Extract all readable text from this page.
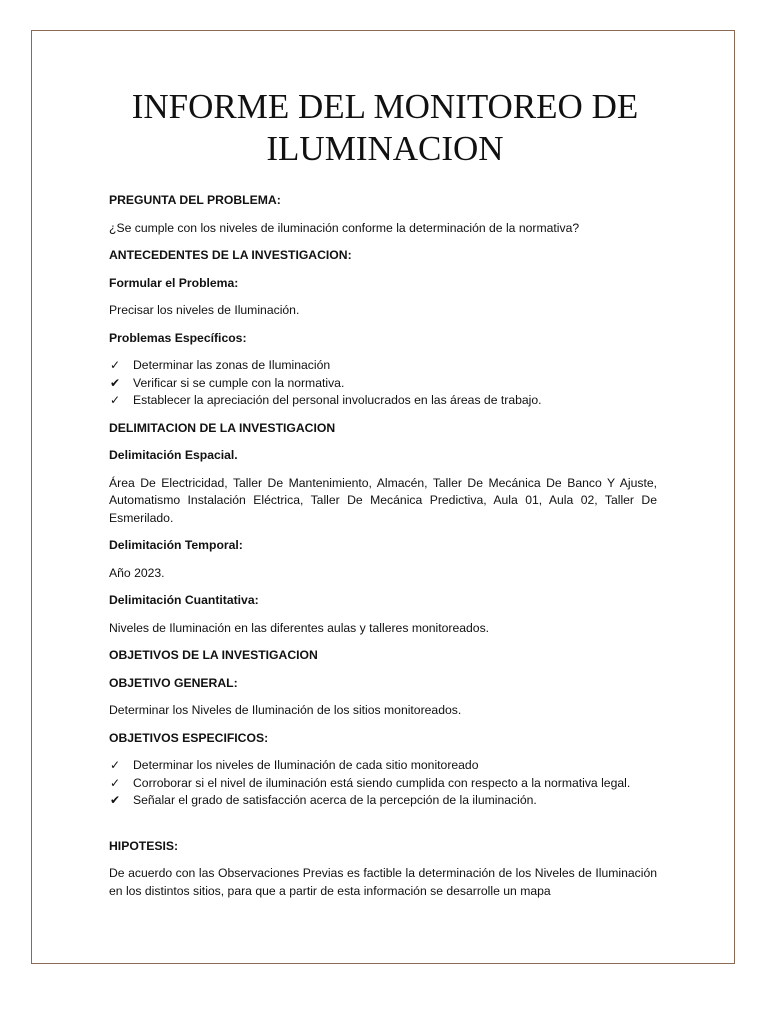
INFORME DEL MONITOREO DE
ILUMINACION

PREGUNTA DEL PROBLEMA:

¿Se cumple con los niveles de iluminación conforme la determinación de la normativa?

ANTECEDENTES DE LA INVESTIGACION:

Formular el Problema:

Precisar los niveles de Iluminación.

Problemas Específicos:

✓ Determinar las zonas de Iluminación
✔ Verificar si se cumple con la normativa.
✓ Establecer la apreciación del personal involucrados en las áreas de trabajo.

DELIMITACION DE LA INVESTIGACION

Delimitación Espacial.

Área De Electricidad, Taller De Mantenimiento, Almacén, Taller De Mecánica De Banco Y Ajuste, Automatismo Instalación Eléctrica, Taller De Mecánica Predictiva, Aula 01, Aula 02, Taller De Esmerilado.

Delimitación Temporal:

Año 2023.

Delimitación Cuantitativa:

Niveles de Iluminación en las diferentes aulas y talleres monitoreados.

OBJETIVOS DE LA INVESTIGACION

OBJETIVO GENERAL:

Determinar los Niveles de Iluminación de los sitios monitoreados.

OBJETIVOS ESPECIFICOS:

✓ Determinar los niveles de Iluminación de cada sitio monitoreado
✓ Corroborar si el nivel de iluminación está siendo cumplida con respecto a la normativa legal.
✔ Señalar el grado de satisfacción acerca de la percepción de la iluminación.

HIPOTESIS:

De acuerdo con las Observaciones Previas es factible la determinación de los Niveles de Iluminación en los distintos sitios, para que a partir de esta información se desarrolle un mapa
